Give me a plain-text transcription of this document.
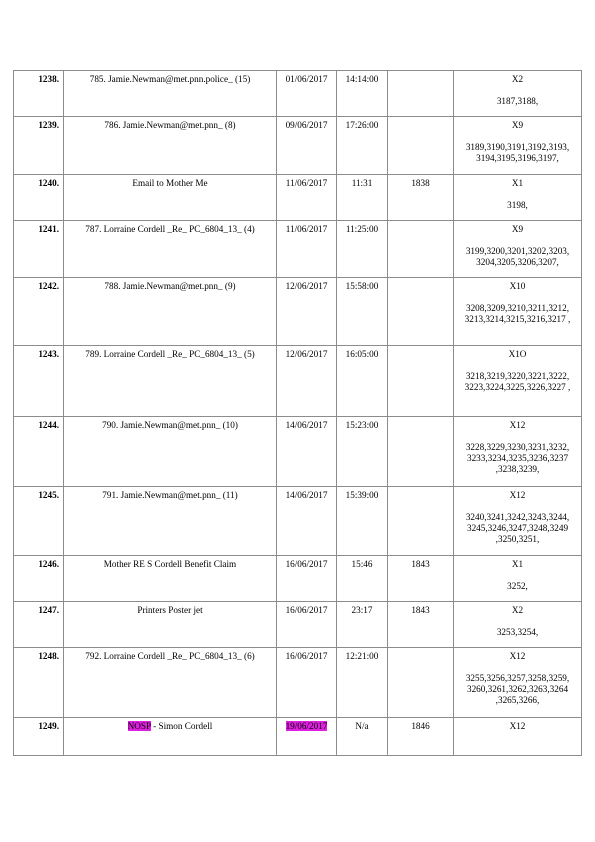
1238.	785. Jamie.Newman@met.pnn.police_ (15)	01/06/2017	14:14:00		X2
3187,3188,

1239.	786. Jamie.Newman@met.pnn_ (8)	09/06/2017	17:26:00		X9
3189,3190,3191,3192,3193, 3194,3195,3196,3197,

1240.	Email to Mother Me	11/06/2017	11:31	1838	X1
3198,

1241.	787. Lorraine Cordell _Re_ PC_6804_13_ (4)	11/06/2017	11:25:00		X9
3199,3200,3201,3202,3203, 3204,3205,3206,3207,

1242.	788. Jamie.Newman@met.pnn_ (9)	12/06/2017	15:58:00		X10
3208,3209,3210,3211,3212, 3213,3214,3215,3216,3217 ,

1243.	789. Lorraine Cordell _Re_ PC_6804_13_ (5)	12/06/2017	16:05:00		X1O
3218,3219,3220,3221,3222, 3223,3224,3225,3226,3227 ,

1244.	790. Jamie.Newman@met.pnn_ (10)	14/06/2017	15:23:00		X12
3228,3229,3230,3231,3232, 3233,3234,3235,3236,3237 ,3238,3239,

1245.	791. Jamie.Newman@met.pnn_ (11)	14/06/2017	15:39:00		X12
3240,3241,3242,3243,3244, 3245,3246,3247,3248,3249 ,3250,3251,

1246.	Mother RE S Cordell Benefit Claim	16/06/2017	15:46	1843	X1
3252,

1247.	Printers Poster jet	16/06/2017	23:17	1843	X2
3253,3254,

1248.	792. Lorraine Cordell _Re_ PC_6804_13_ (6)	16/06/2017	12:21:00		X12
3255,3256,3257,3258,3259, 3260,3261,3262,3263,3264 ,3265,3266,

1249.	NOSP - Simon Cordell	19/06/2017	N/a	1846	X12
